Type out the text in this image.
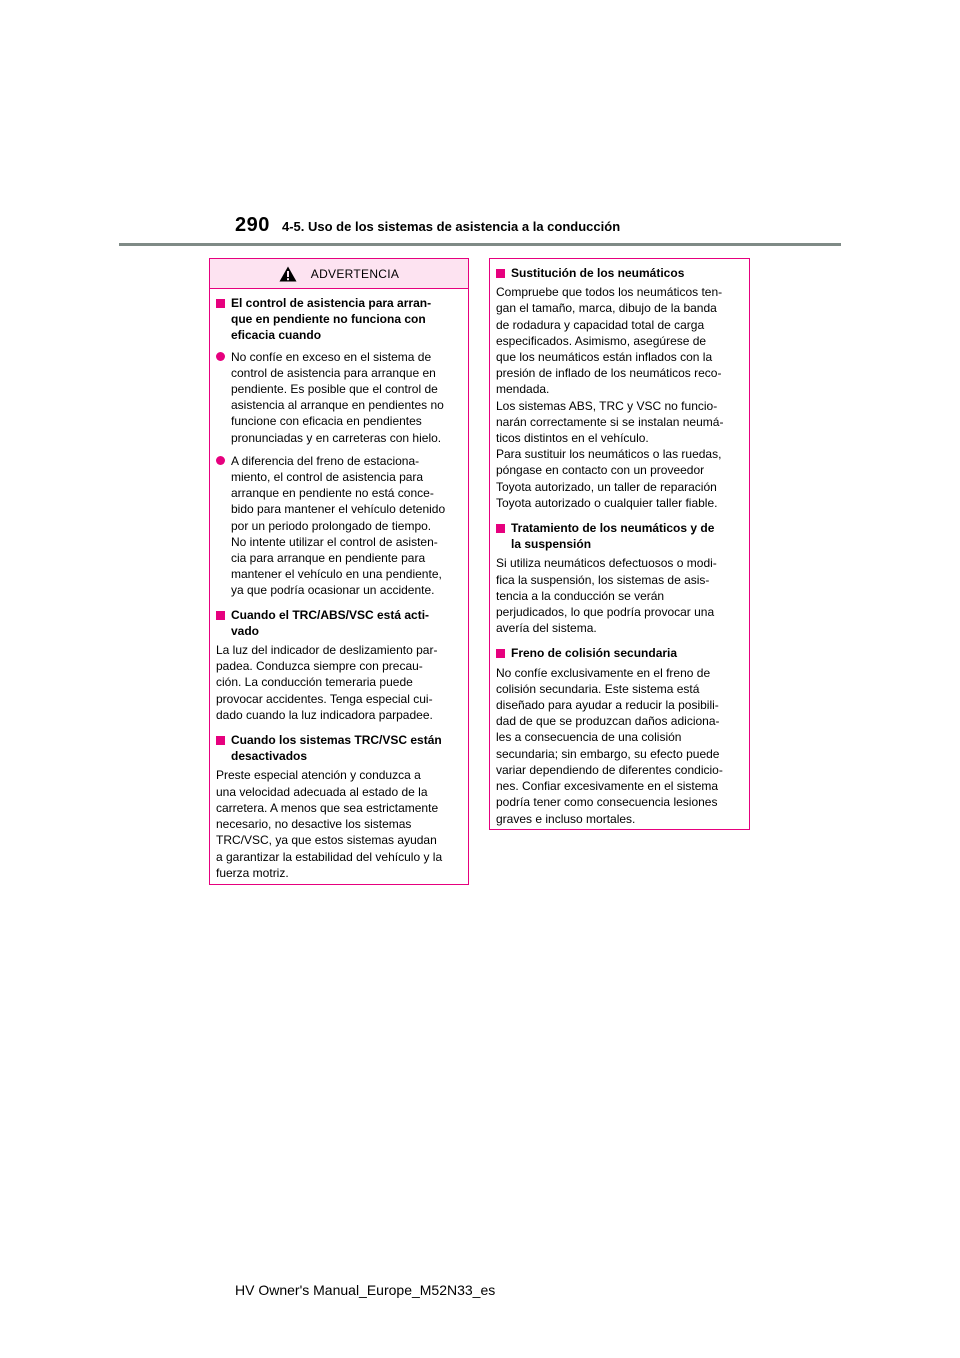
290 4-5. Uso de los sistemas de asistencia a la conducción
ADVERTENCIA
El control de asistencia para arran-
que en pendiente no funciona con
eficacia cuando
No confíe en exceso en el sistema de
control de asistencia para arranque en
pendiente. Es posible que el control de
asistencia al arranque en pendientes no
funcione con eficacia en pendientes
pronunciadas y en carreteras con hielo.
A diferencia del freno de estaciona-
miento, el control de asistencia para
arranque en pendiente no está conce-
bido para mantener el vehículo detenido
por un periodo prolongado de tiempo.
No intente utilizar el control de asisten-
cia para arranque en pendiente para
mantener el vehículo en una pendiente,
ya que podría ocasionar un accidente.
Cuando el TRC/ABS/VSC está acti-
vado
La luz del indicador de deslizamiento par-
padea. Conduzca siempre con precau-
ción. La conducción temeraria puede
provocar accidentes. Tenga especial cui-
dado cuando la luz indicadora parpadee.
Cuando los sistemas TRC/VSC están
desactivados
Preste especial atención y conduzca a
una velocidad adecuada al estado de la
carretera. A menos que sea estrictamente
necesario, no desactive los sistemas
TRC/VSC, ya que estos sistemas ayudan
a garantizar la estabilidad del vehículo y la
fuerza motriz.
Sustitución de los neumáticos
Compruebe que todos los neumáticos ten-
gan el tamaño, marca, dibujo de la banda
de rodadura y capacidad total de carga
especificados. Asimismo, asegúrese de
que los neumáticos están inflados con la
presión de inflado de los neumáticos reco-
mendada.
Los sistemas ABS, TRC y VSC no funcio-
narán correctamente si se instalan neumá-
ticos distintos en el vehículo.
Para sustituir los neumáticos o las ruedas,
póngase en contacto con un proveedor
Toyota autorizado, un taller de reparación
Toyota autorizado o cualquier taller fiable.
Tratamiento de los neumáticos y de
la suspensión
Si utiliza neumáticos defectuosos o modi-
fica la suspensión, los sistemas de asis-
tencia a la conducción se verán
perjudicados, lo que podría provocar una
avería del sistema.
Freno de colisión secundaria
No confíe exclusivamente en el freno de
colisión secundaria. Este sistema está
diseñado para ayudar a reducir la posibili-
dad de que se produzcan daños adiciona-
les a consecuencia de una colisión
secundaria; sin embargo, su efecto puede
variar dependiendo de diferentes condicio-
nes. Confiar excesivamente en el sistema
podría tener como consecuencia lesiones
graves e incluso mortales.
HV Owner's Manual_Europe_M52N33_es
